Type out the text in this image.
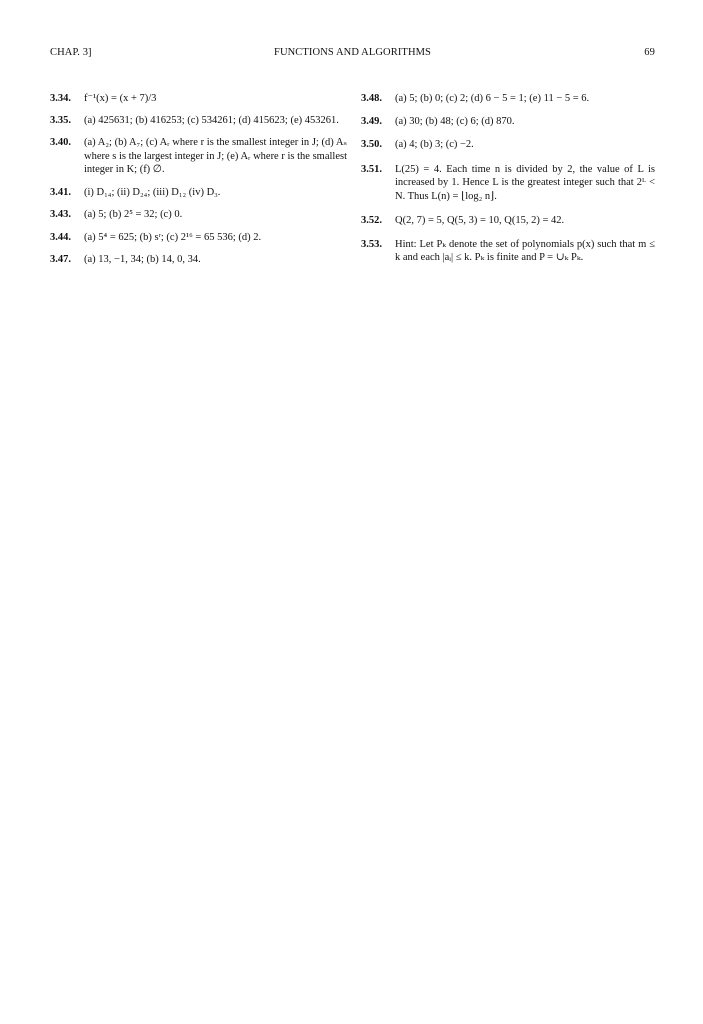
CHAP. 3]	FUNCTIONS AND ALGORITHMS	69
3.34. f⁻¹(x) = (x + 7)/3
3.35. (a) 425631; (b) 416253; (c) 534261; (d) 415623; (e) 453261.
3.40. (a) A₂; (b) A₇; (c) Aᵣ where r is the smallest integer in J; (d) Aₛ where s is the largest integer in J; (e) Aᵣ where r is the smallest integer in K; (f) ∅.
3.41. (i) D₁₄; (ii) D₂₄; (iii) D₁₂ (iv) D₃.
3.43. (a) 5; (b) 2⁵ = 32; (c) 0.
3.44. (a) 5⁴ = 625; (b) sʳ; (c) 2¹⁶ = 65 536; (d) 2.
3.47. (a) 13, −1, 34; (b) 14, 0, 34.
3.48. (a) 5; (b) 0; (c) 2; (d) 6 − 5 = 1; (e) 11 − 5 = 6.
3.49. (a) 30; (b) 48; (c) 6; (d) 870.
3.50. (a) 4; (b) 3; (c) −2.
3.51. L(25) = 4. Each time n is divided by 2, the value of L is increased by 1. Hence L is the greatest integer such that 2ᴸ < N. Thus L(n) = ⌊log₂ n⌋.
3.52. Q(2, 7) = 5, Q(5, 3) = 10, Q(15, 2) = 42.
3.53. Hint: Let Pₖ denote the set of polynomials p(x) such that m ≤ k and each |aᵢ| ≤ k. Pₖ is finite and P = ∪ₖ Pₖ.
